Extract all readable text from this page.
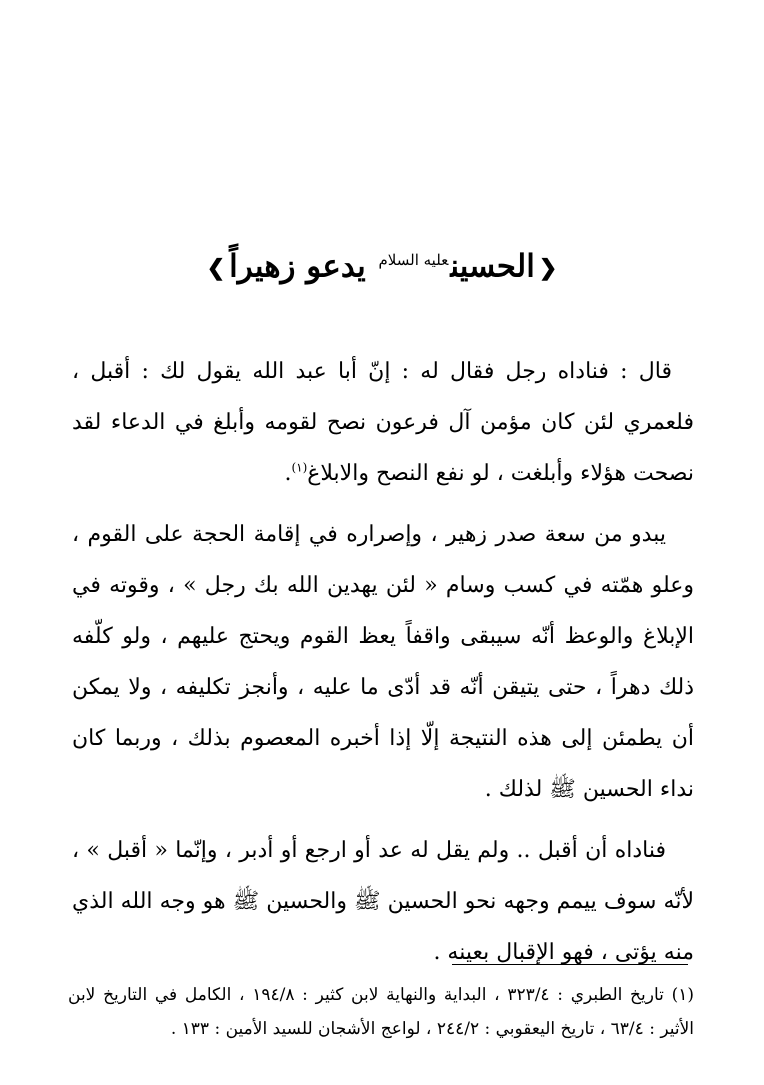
❮الحسين$^{عليه السلام}$ يدعو زهيراً❯

قال : فناداه رجل فقال له : إنّ أبا عبد الله يقول لك : أقبل ، فلعمري لئن كان مؤمن آل فرعون نصح لقومه وأبلغ في الدعاء لقد نصحت هؤلاء وأبلغت ، لو نفع النصح والابلاغ$^{(١)}$.

يبدو من سعة صدر زهير ، وإصراره في إقامة الحجة على القوم ، وعلو همّته في كسب وسام « لئن يهدين الله بك رجل » ، وقوته في الإبلاغ والوعظ أنّه سيبقى واقفاً يعظ القوم ويحتج عليهم ، ولو كلّفه ذلك دهراً ، حتى يتيقن أنّه قد أدّى ما عليه ، وأنجز تكليفه ، ولا يمكن أن يطمئن إلى هذه النتيجة إلّا إذا أخبره المعصوم بذلك ، وربما كان نداء الحسين ﷺ لذلك .

فناداه أن أقبل .. ولم يقل له عد أو ارجع أو أدبر ، وإنّما « أقبل » ، لأنّه سوف ييمم وجهه نحو الحسين ﷺ والحسين ﷺ هو وجه الله الذي منه يؤتى ، فهو الإقبال بعينه .

(١) تاريخ الطبري : ٣٢٣/٤ ، البداية والنهاية لابن كثير : ١٩٤/٨ ، الكامل في التاريخ لابن الأثير : ٦٣/٤ ، تاريخ اليعقوبي : ٢٤٤/٢ ، لواعج الأشجان للسيد الأمين : ١٣٣ .
